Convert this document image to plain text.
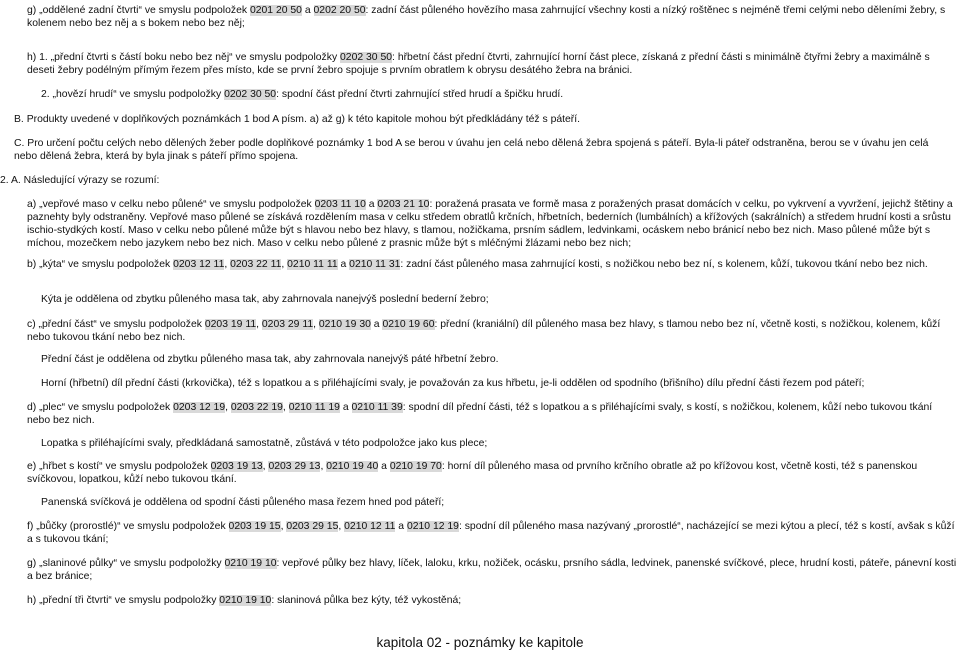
g) „oddělené zadní čtvrti“ ve smyslu podpoložek 0201 20 50 a 0202 20 50: zadní část půleného hovězího masa zahrnující všechny kosti a nízký roštěnec s nejméně třemi celými nebo děleními žebry, s kolenem nebo bez něj a s bokem nebo bez něj;

h) 1. „přední čtvrti s částí boku nebo bez něj“ ve smyslu podpoložky 0202 30 50: hřbetní část přední čtvrti, zahrnující horní část plece, získaná z přední části s minimálně čtyřmi žebry a maximálně s deseti žebry podélným přímým řezem přes místo, kde se první žebro spojuje s prvním obratlem k obrysu desátého žebra na bránici.

2. „hovězí hrudí“ ve smyslu podpoložky 0202 30 50: spodní část přední čtvrti zahrnující střed hrudí a špičku hrudí.

B. Produkty uvedené v doplňkových poznámkách 1 bod A písm. a) až g) k této kapitole mohou být předkládány též s páteří.

C. Pro určení počtu celých nebo dělených žeber podle doplňkové poznámky 1 bod A se berou v úvahu jen celá nebo dělená žebra spojená s páteří. Byla-li páteř odstraněna, berou se v úvahu jen celá nebo dělená žebra, která by byla jinak s páteří přímo spojena.

2. A. Následující výrazy se rozumí:

a) „vepřové maso v celku nebo půlené“ ve smyslu podpoložek 0203 11 10 a 0203 21 10: poražená prasata ve formě masa z poražených prasat domácích v celku, po vykrvení a vyvržení, jejichž štětiny a paznehty byly odstraněny. Vepřové maso půlené se získává rozdělením masa v celku středem obratlů krčních, hřbetních, bederních (lumbálních) a křížových (sakrálních) a středem hrudní kosti a srůstu ischio-stydkých kostí. Maso v celku nebo půlené může být s hlavou nebo bez hlavy, s tlamou, nožičkama, prsním sádlem, ledvinkami, ocáskem nebo bránicí nebo bez nich. Maso půlené může být s míchou, mozečkem nebo jazykem nebo bez nich. Maso v celku nebo půlené z prasnic může být s mléčnými žlázami nebo bez nich;

b) „kýta“ ve smyslu podpoložek 0203 12 11, 0203 22 11, 0210 11 11 a 0210 11 31: zadní část půleného masa zahrnující kosti, s nožičkou nebo bez ní, s kolenem, kůží, tukovou tkání nebo bez nich.

Kýta je oddělena od zbytku půleného masa tak, aby zahrnovala nanejvýš poslední bederní žebro;

c) „přední část“ ve smyslu podpoložek 0203 19 11, 0203 29 11, 0210 19 30 a 0210 19 60: přední (kraniální) díl půleného masa bez hlavy, s tlamou nebo bez ní, včetně kosti, s nožičkou, kolenem, kůží nebo tukovou tkání nebo bez nich.

Přední část je oddělena od zbytku půleného masa tak, aby zahrnovala nanejvýš páté hřbetní žebro.

Horní (hřbetní) díl přední části (krkovička), též s lopatkou a s přiléhajícími svaly, je považován za kus hřbetu, je-li oddělen od spodního (břišního) dílu přední části řezem pod páteří;

d) „plec“ ve smyslu podpoložek 0203 12 19, 0203 22 19, 0210 11 19 a 0210 11 39: spodní díl přední části, též s lopatkou a s přiléhajícími svaly, s kostí, s nožičkou, kolenem, kůží nebo tukovou tkání nebo bez nich.

Lopatka s přiléhajícími svaly, předkládaná samostatně, zůstává v této podpoložce jako kus plece;

e) „hřbet s kostí“ ve smyslu podpoložek 0203 19 13, 0203 29 13, 0210 19 40 a 0210 19 70: horní díl půleného masa od prvního krčního obratle až po křížovou kost, včetně kosti, též s panenskou svíčkovou, lopatkou, kůží nebo tukovou tkání.

Panenská svíčková je oddělena od spodní části půleného masa řezem hned pod páteří;

f) „bůčky (prorostlé)“ ve smyslu podpoložek 0203 19 15, 0203 29 15, 0210 12 11 a 0210 12 19: spodní díl půleného masa nazývaný „prorostlé“, nacházející se mezi kýtou a plecí, též s kostí, avšak s kůží a s tukovou tkání;

g) „slaninové půlky“ ve smyslu podpoložky 0210 19 10: vepřové půlky bez hlavy, líček, laloku, krku, nožiček, ocásku, prsního sádla, ledvinek, panenské svíčkové, plece, hrudní kosti, páteře, pánevní kosti a bez bránice;

h) „přední tři čtvrti“ ve smyslu podpoložky 0210 19 10: slaninová půlka bez kýty, též vykostěná;

kapitola 02 - poznámky ke kapitole
